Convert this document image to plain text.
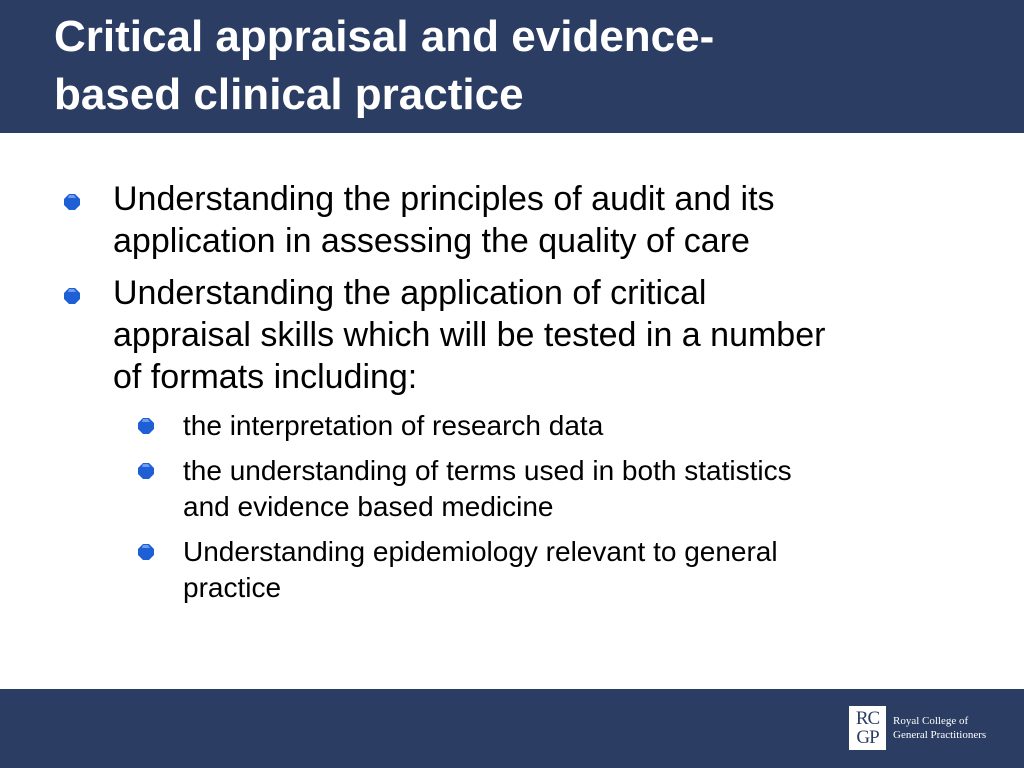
Critical appraisal and evidence-
based clinical practice
Understanding the principles of audit and its
application in assessing the quality of care
Understanding the application of critical
appraisal skills which will be tested in a number
of formats including:
the interpretation of research data
the understanding of terms used in both statistics
and evidence based medicine
Understanding epidemiology relevant to general
practice
RC
GP
Royal College of
General Practitioners
